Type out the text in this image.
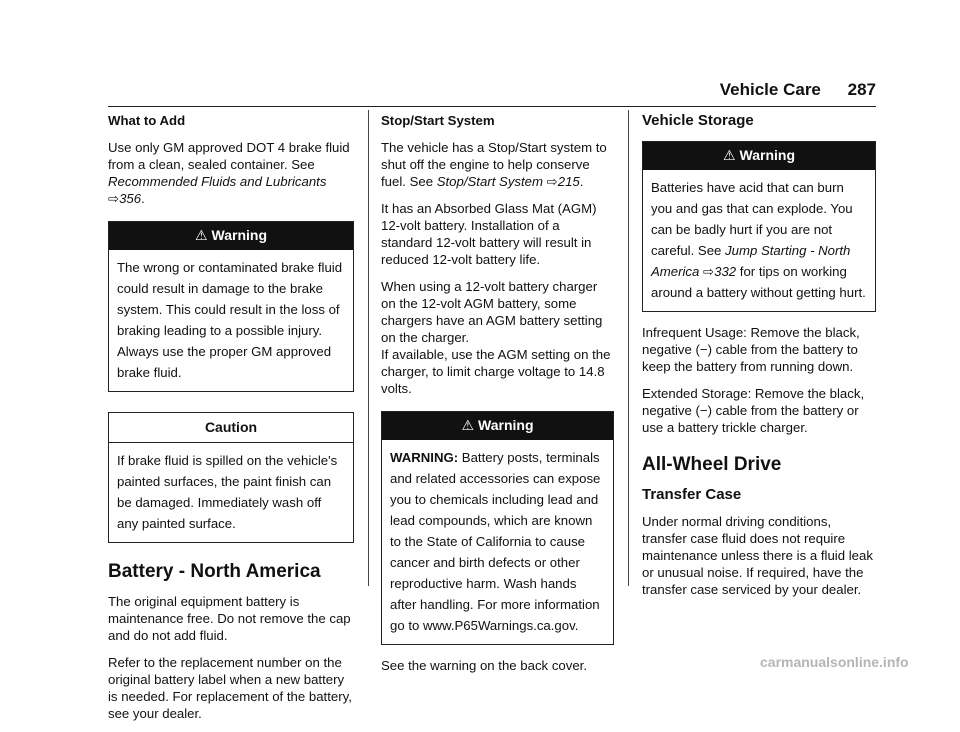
Vehicle Care 287
What to Add

Use only GM approved DOT 4 brake fluid from a clean, sealed container. See Recommended Fluids and Lubricants ⇨356.

⚠ Warning
The wrong or contaminated brake fluid could result in damage to the brake system. This could result in the loss of braking leading to a possible injury. Always use the proper GM approved brake fluid.
Caution
If brake fluid is spilled on the vehicle's painted surfaces, the paint finish can be damaged. Immediately wash off any painted surface.
Battery - North America

The original equipment battery is maintenance free. Do not remove the cap and do not add fluid.

Refer to the replacement number on the original battery label when a new battery is needed. For replacement of the battery, see your dealer.

Stop/Start System

The vehicle has a Stop/Start system to shut off the engine to help conserve fuel. See Stop/Start System ⇨215.

It has an Absorbed Glass Mat (AGM) 12-volt battery. Installation of a standard 12-volt battery will result in reduced 12-volt battery life.

When using a 12-volt battery charger on the 12-volt AGM battery, some chargers have an AGM battery setting on the charger.
If available, use the AGM setting on the charger, to limit charge voltage to 14.8 volts.

⚠ Warning
WARNING: Battery posts, terminals and related accessories can expose you to chemicals including lead and lead compounds, which are known to the State of California to cause cancer and birth defects or other reproductive harm. Wash hands after handling. For more information go to www.P65Warnings.ca.gov.

See the warning on the back cover.

Vehicle Storage
⚠ Warning
Batteries have acid that can burn you and gas that can explode. You can be badly hurt if you are not careful. See Jump Starting - North America ⇨332 for tips on working around a battery without getting hurt.

Infrequent Usage: Remove the black, negative (−) cable from the battery to keep the battery from running down.

Extended Storage: Remove the black, negative (−) cable from the battery or use a battery trickle charger.

All-Wheel Drive
Transfer Case

Under normal driving conditions, transfer case fluid does not require maintenance unless there is a fluid leak or unusual noise. If required, have the transfer case serviced by your dealer.

carmanualsonline.info
